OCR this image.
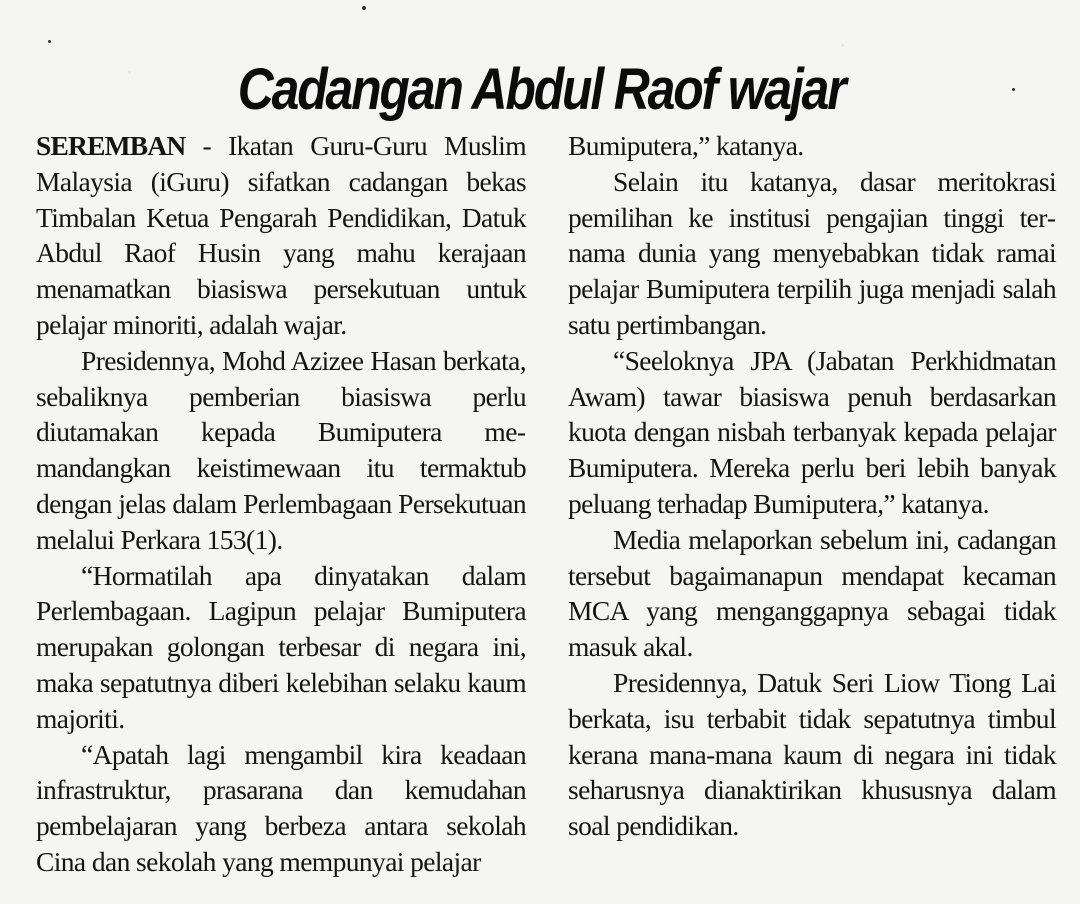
Cadangan Abdul Raof wajar

SEREMBAN - Ikatan Guru-Guru Muslim Malaysia (iGuru) sifatkan cadangan bekas Timbalan Ketua Pengarah Pendidikan, Datuk Abdul Raof Husin yang mahu kerajaan menamatkan biasiswa persekutuan untuk pelajar minoriti, adalah wajar.

Presidennya, Mohd Azizee Hasan berkata, sebaliknya pemberian biasiswa perlu diutamakan kepada Bumiputera memandangkan keistimewaan itu termaktub dengan jelas dalam Perlembagaan Persekutuan melalui Perkara 153(1).

“Hormatilah apa dinyatakan dalam Perlembagaan. Lagipun pelajar Bumiputera merupakan golongan terbesar di negara ini, maka sepatutnya diberi kelebihan selaku kaum majoriti.

“Apatah lagi mengambil kira keadaan infrastruktur, prasarana dan kemudahan pembelajaran yang berbeza antara sekolah Cina dan sekolah yang mempunyai pelajar

Bumiputera,” katanya.

Selain itu katanya, dasar meritokrasi pemilihan ke institusi pengajian tinggi ternama dunia yang menyebabkan tidak ramai pelajar Bumiputera terpilih juga menjadi salah satu pertimbangan.

“Seeloknya JPA (Jabatan Perkhidmatan Awam) tawar biasiswa penuh berdasarkan kuota dengan nisbah terbanyak kepada pelajar Bumiputera. Mereka perlu beri lebih banyak peluang terhadap Bumiputera,” katanya.

Media melaporkan sebelum ini, cadangan tersebut bagaimanapun mendapat kecaman MCA yang menganggapnya sebagai tidak masuk akal.

Presidennya, Datuk Seri Liow Tiong Lai berkata, isu terbabit tidak sepatutnya timbul kerana mana-mana kaum di negara ini tidak seharusnya dianaktirikan khususnya dalam soal pendidikan.
